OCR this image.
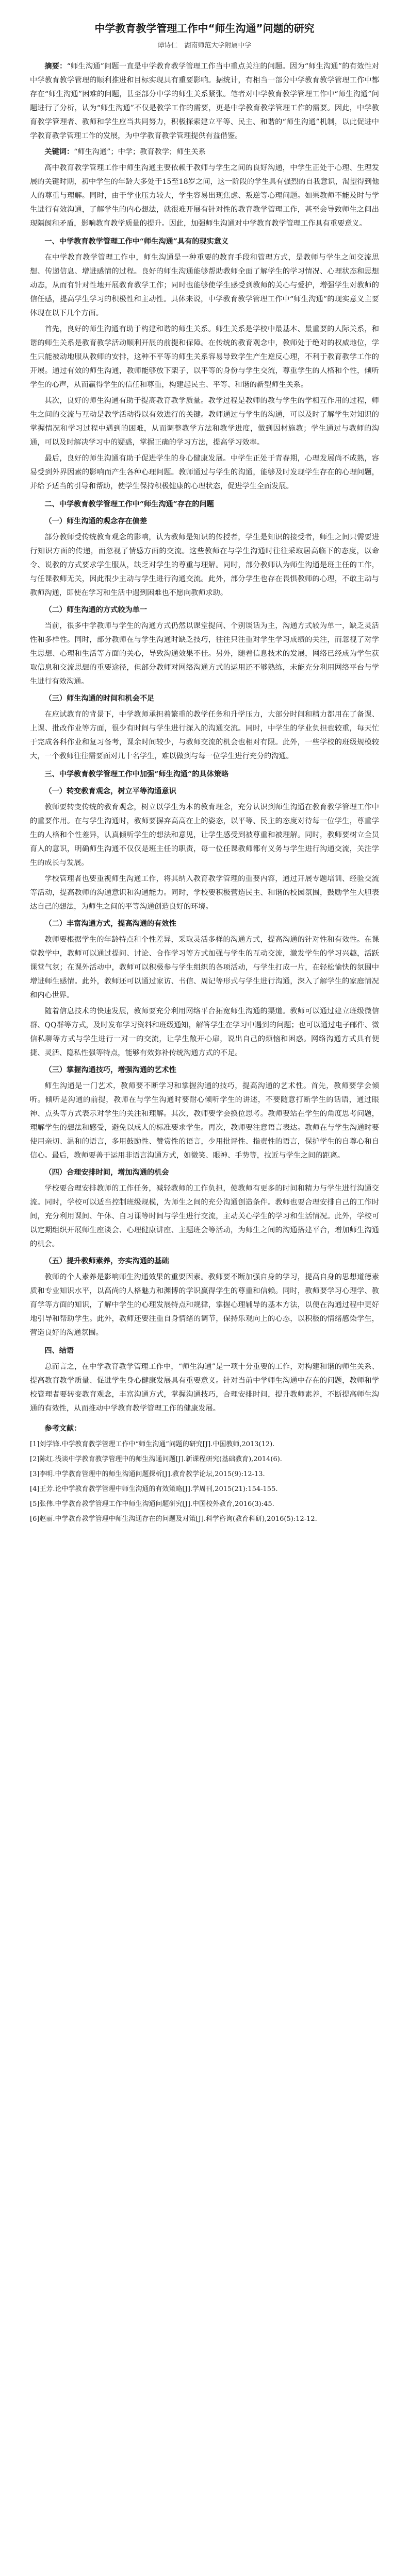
中学教育教学管理工作中“师生沟通”问题的研究
谭诗仁　湖南师范大学附属中学

摘要：“师生沟通”问题一直是中学教育教学管理工作当中重点关注的问题。因为“师生沟通”的有效性对中学教育教学管理的顺利推进和目标实现具有重要影响。据统计，有相当一部分中学教育教学管理工作中都存在“师生沟通”困难的问题，甚至部分中学的师生关系紧张。笔者对中学教育教学管理工作中“师生沟通”问题进行了分析，认为“师生沟通”不仅是教学工作的需要，更是中学教育教学管理工作的需要。因此，中学教育教学管理者、教师和学生应当共同努力，积极探索建立平等、民主、和谐的“师生沟通”机制，以此促进中学教育教学管理工作的发展，为中学教育教学管理提供有益借鉴。

关键词：“师生沟通”；中学；教育教学；师生关系

高中教育教学管理工作中师生沟通主要依赖于教师与学生之间的良好沟通，中学生正处于心理、生理发展的关键时期，初中学生的年龄大多处于15至18岁之间，这一阶段的学生具有强烈的自我意识，渴望得到他人的尊重与理解。同时，由于学业压力较大，学生容易出现焦虑、叛逆等心理问题。如果教师不能及时与学生进行有效沟通，了解学生的内心想法，就很难开展有针对性的教育教学管理工作，甚至会导致师生之间出现隔阂和矛盾，影响教育教学质量的提升。因此，加强师生沟通对中学教育教学管理工作具有重要意义。

一、中学教育教学管理工作中“师生沟通”具有的现实意义

在中学教育教学管理工作中，师生沟通是一种重要的教育手段和管理方式，是教师与学生之间交流思想、传递信息、增进感情的过程。良好的师生沟通能够帮助教师全面了解学生的学习情况、心理状态和思想动态，从而有针对性地开展教育教学工作；同时也能够使学生感受到教师的关心与爱护，增强学生对教师的信任感，提高学生学习的积极性和主动性。具体来说，中学教育教学管理工作中“师生沟通”的现实意义主要体现在以下几个方面。

首先，良好的师生沟通有助于构建和谐的师生关系。师生关系是学校中最基本、最重要的人际关系，和谐的师生关系是教育教学活动顺利开展的前提和保障。在传统的教育观念中，教师处于绝对的权威地位，学生只能被动地服从教师的安排，这种不平等的师生关系容易导致学生产生逆反心理，不利于教育教学工作的开展。通过有效的师生沟通，教师能够放下架子，以平等的身份与学生交流，尊重学生的人格和个性，倾听学生的心声，从而赢得学生的信任和尊重，构建起民主、平等、和谐的新型师生关系。

其次，良好的师生沟通有助于提高教育教学质量。教学过程是教师的教与学生的学相互作用的过程，师生之间的交流与互动是教学活动得以有效进行的关键。教师通过与学生的沟通，可以及时了解学生对知识的掌握情况和学习过程中遇到的困难，从而调整教学方法和教学进度，做到因材施教；学生通过与教师的沟通，可以及时解决学习中的疑惑，掌握正确的学习方法，提高学习效率。

最后，良好的师生沟通有助于促进学生的身心健康发展。中学生正处于青春期，心理发展尚不成熟，容易受到外界因素的影响而产生各种心理问题。教师通过与学生的沟通，能够及时发现学生存在的心理问题，并给予适当的引导和帮助，使学生保持积极健康的心理状态，促进学生全面发展。

二、中学教育教学管理工作中“师生沟通”存在的问题
（一）师生沟通的观念存在偏差

部分教师受传统教育观念的影响，认为教师是知识的传授者，学生是知识的接受者，师生之间只需要进行知识方面的传递，而忽视了情感方面的交流。这些教师在与学生沟通时往往采取居高临下的态度，以命令、说教的方式要求学生服从，缺乏对学生的尊重与理解。同时，部分教师认为师生沟通是班主任的工作，与任课教师无关，因此很少主动与学生进行沟通交流。此外，部分学生也存在畏惧教师的心理，不敢主动与教师沟通，即使在学习和生活中遇到困难也不愿向教师求助。

（二）师生沟通的方式较为单一

当前，很多中学教师与学生的沟通方式仍然以课堂提问、个别谈话为主，沟通方式较为单一，缺乏灵活性和多样性。同时，部分教师在与学生沟通时缺乏技巧，往往只注重对学生学习成绩的关注，而忽视了对学生思想、心理和生活等方面的关心，导致沟通效果不佳。另外，随着信息技术的发展，网络已经成为学生获取信息和交流思想的重要途径，但部分教师对网络沟通方式的运用还不够熟练，未能充分利用网络平台与学生进行有效沟通。

（三）师生沟通的时间和机会不足

在应试教育的背景下，中学教师承担着繁重的教学任务和升学压力，大部分时间和精力都用在了备课、上课、批改作业等方面，很少有时间与学生进行深入的沟通交流。同时，中学生的学业负担也较重，每天忙于完成各科作业和复习备考，课余时间较少，与教师交流的机会也相对有限。此外，一些学校的班级规模较大，一个教师往往需要面对几十名学生，难以做到与每一位学生进行充分的沟通。

三、中学教育教学管理工作中加强“师生沟通”的具体策略
（一）转变教育观念，树立平等沟通意识

教师要转变传统的教育观念，树立以学生为本的教育理念，充分认识到师生沟通在教育教学管理工作中的重要作用。在与学生沟通时，教师要摒弃高高在上的姿态，以平等、民主的态度对待每一位学生，尊重学生的人格和个性差异，认真倾听学生的想法和意见，让学生感受到被尊重和被理解。同时，教师要树立全员育人的意识，明确师生沟通不仅仅是班主任的职责，每一位任课教师都有义务与学生进行沟通交流，关注学生的成长与发展。

学校管理者也要重视师生沟通工作，将其纳入教育教学管理的重要内容，通过开展专题培训、经验交流等活动，提高教师的沟通意识和沟通能力。同时，学校要积极营造民主、和谐的校园氛围，鼓励学生大胆表达自己的想法，为师生之间的平等沟通创造良好的环境。

（二）丰富沟通方式，提高沟通的有效性

教师要根据学生的年龄特点和个性差异，采取灵活多样的沟通方式，提高沟通的针对性和有效性。在课堂教学中，教师可以通过提问、讨论、合作学习等方式加强与学生的互动交流，激发学生的学习兴趣，活跃课堂气氛；在课外活动中，教师可以积极参与学生组织的各项活动，与学生打成一片，在轻松愉快的氛围中增进师生感情。此外，教师还可以通过家访、书信、周记等形式与学生进行沟通，深入了解学生的家庭情况和内心世界。

随着信息技术的快速发展，教师要充分利用网络平台拓宽师生沟通的渠道。教师可以通过建立班级微信群、QQ群等方式，及时发布学习资料和班级通知，解答学生在学习中遇到的问题；也可以通过电子邮件、微信私聊等方式与学生进行一对一的交流，让学生敞开心扉，说出自己的烦恼和困惑。网络沟通方式具有便捷、灵活、隐私性强等特点，能够有效弥补传统沟通方式的不足。

（三）掌握沟通技巧，增强沟通的艺术性

师生沟通是一门艺术，教师要不断学习和掌握沟通的技巧，提高沟通的艺术性。首先，教师要学会倾听。倾听是沟通的前提，教师在与学生沟通时要耐心倾听学生的讲述，不要随意打断学生的话语，通过眼神、点头等方式表示对学生的关注和理解。其次，教师要学会换位思考。教师要站在学生的角度思考问题，理解学生的想法和感受，避免以成人的标准要求学生。再次，教师要注意语言表达。教师在与学生沟通时要使用亲切、温和的语言，多用鼓励性、赞赏性的语言，少用批评性、指责性的语言，保护学生的自尊心和自信心。最后，教师要善于运用非语言沟通方式，如微笑、眼神、手势等，拉近与学生之间的距离。

（四）合理安排时间，增加沟通的机会

学校要合理安排教师的工作任务，减轻教师的工作负担，使教师有更多的时间和精力与学生进行沟通交流。同时，学校可以适当控制班级规模，为师生之间的充分沟通创造条件。教师也要合理安排自己的工作时间，充分利用课间、午休、自习课等时间与学生进行交流，主动关心学生的学习和生活情况。此外，学校可以定期组织开展师生座谈会、心理健康讲座、主题班会等活动，为师生之间的沟通搭建平台，增加师生沟通的机会。

（五）提升教师素养，夯实沟通的基础

教师的个人素养是影响师生沟通效果的重要因素。教师要不断加强自身的学习，提高自身的思想道德素质和专业知识水平，以高尚的人格魅力和渊博的学识赢得学生的尊重和信赖。同时，教师要学习心理学、教育学等方面的知识，了解中学生的心理发展特点和规律，掌握心理辅导的基本方法，以便在沟通过程中更好地引导和帮助学生。此外，教师还要注重自身情绪的调节，保持乐观向上的心态，以积极的情绪感染学生，营造良好的沟通氛围。

四、结语

总而言之，在中学教育教学管理工作中，“师生沟通”是一项十分重要的工作，对构建和谐的师生关系、提高教育教学质量、促进学生身心健康发展具有重要意义。针对当前中学师生沟通中存在的问题，教师和学校管理者要转变教育观念，丰富沟通方式，掌握沟通技巧，合理安排时间，提升教师素养，不断提高师生沟通的有效性，从而推动中学教育教学管理工作的健康发展。

参考文献：
[1]刘学锋.中学教育教学管理工作中“师生沟通”问题的研究[J].中国教师,2013(12).
[2]陈红.浅谈中学教育教学管理中的师生沟通问题[J].新课程研究(基础教育),2014(6).
[3]李明.中学教育管理中的师生沟通问题探析[J].教育教学论坛,2015(9):12-13.
[4]王芳.论中学教育教学管理中师生沟通的有效策略[J].学周刊,2015(21):154-155.
[5]张伟.中学教育教学管理工作中师生沟通问题研究[J].中国校外教育,2016(3):45.
[6]赵丽.中学教育教学管理中师生沟通存在的问题及对策[J].科学咨询(教育科研),2016(5):12-12.
